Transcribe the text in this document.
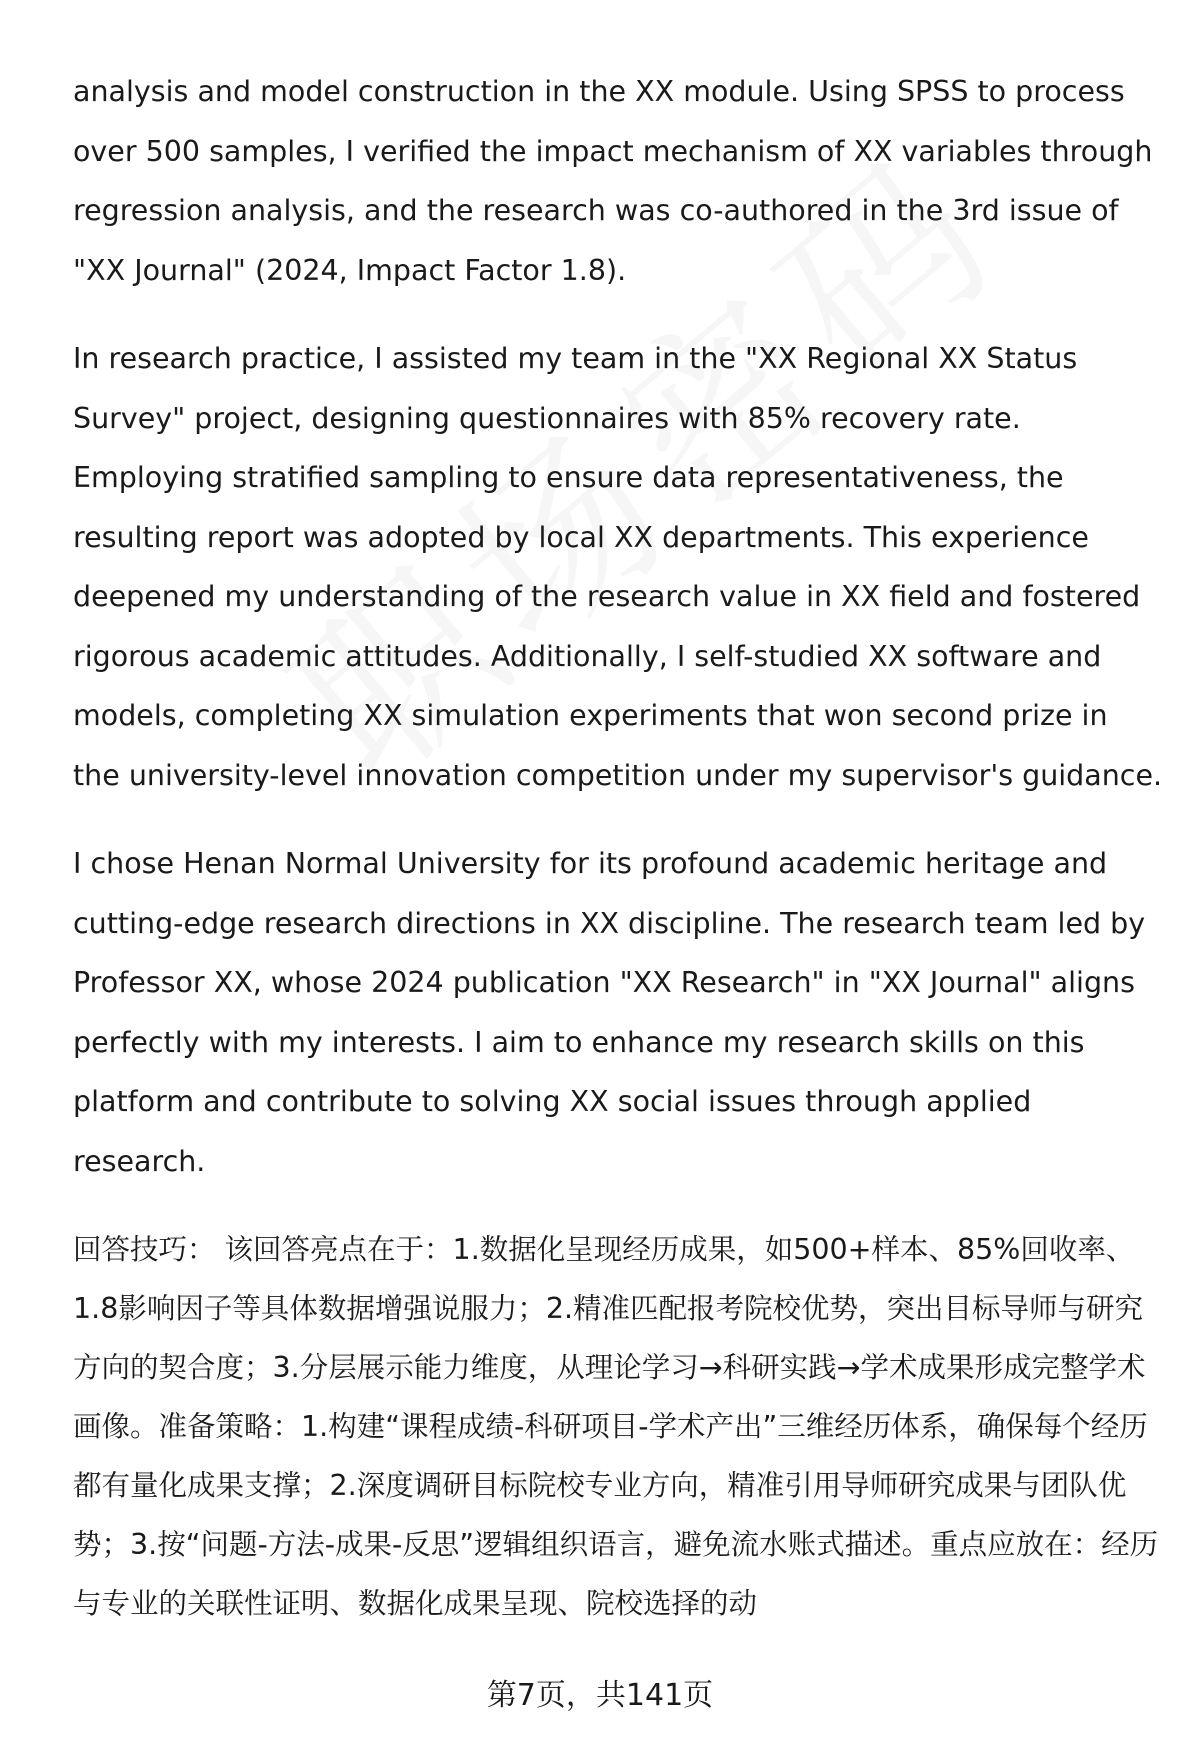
analysis and model construction in the XX module. Using SPSS to process over 500 samples, I verified the impact mechanism of XX variables through regression analysis, and the research was co-authored in the 3rd issue of "XX Journal" (2024, Impact Factor 1.8).

In research practice, I assisted my team in the "XX Regional XX Status Survey" project, designing questionnaires with 85% recovery rate. Employing stratified sampling to ensure data representativeness, the resulting report was adopted by local XX departments. This experience deepened my understanding of the research value in XX field and fostered rigorous academic attitudes. Additionally, I self-studied XX software and models, completing XX simulation experiments that won second prize in the university-level innovation competition under my supervisor's guidance.

I chose Henan Normal University for its profound academic heritage and cutting-edge research directions in XX discipline. The research team led by Professor XX, whose 2024 publication "XX Research" in "XX Journal" aligns perfectly with my interests. I aim to enhance my research skills on this platform and contribute to solving XX social issues through applied research.

回答技巧： 该回答亮点在于：1.数据化呈现经历成果，如500+样本、85%回收率、1.8影响因子等具体数据增强说服力；2.精准匹配报考院校优势，突出目标导师与研究方向的契合度；3.分层展示能力维度，从理论学习→科研实践→学术成果形成完整学术画像。准备策略：1.构建“课程成绩-科研项目-学术产出”三维经历体系，确保每个经历都有量化成果支撑；2.深度调研目标院校专业方向，精准引用导师研究成果与团队优势；3.按“问题-方法-成果-反思”逻辑组织语言，避免流水账式描述。重点应放在：经历与专业的关联性证明、数据化成果呈现、院校选择的动

第7页，共141页
